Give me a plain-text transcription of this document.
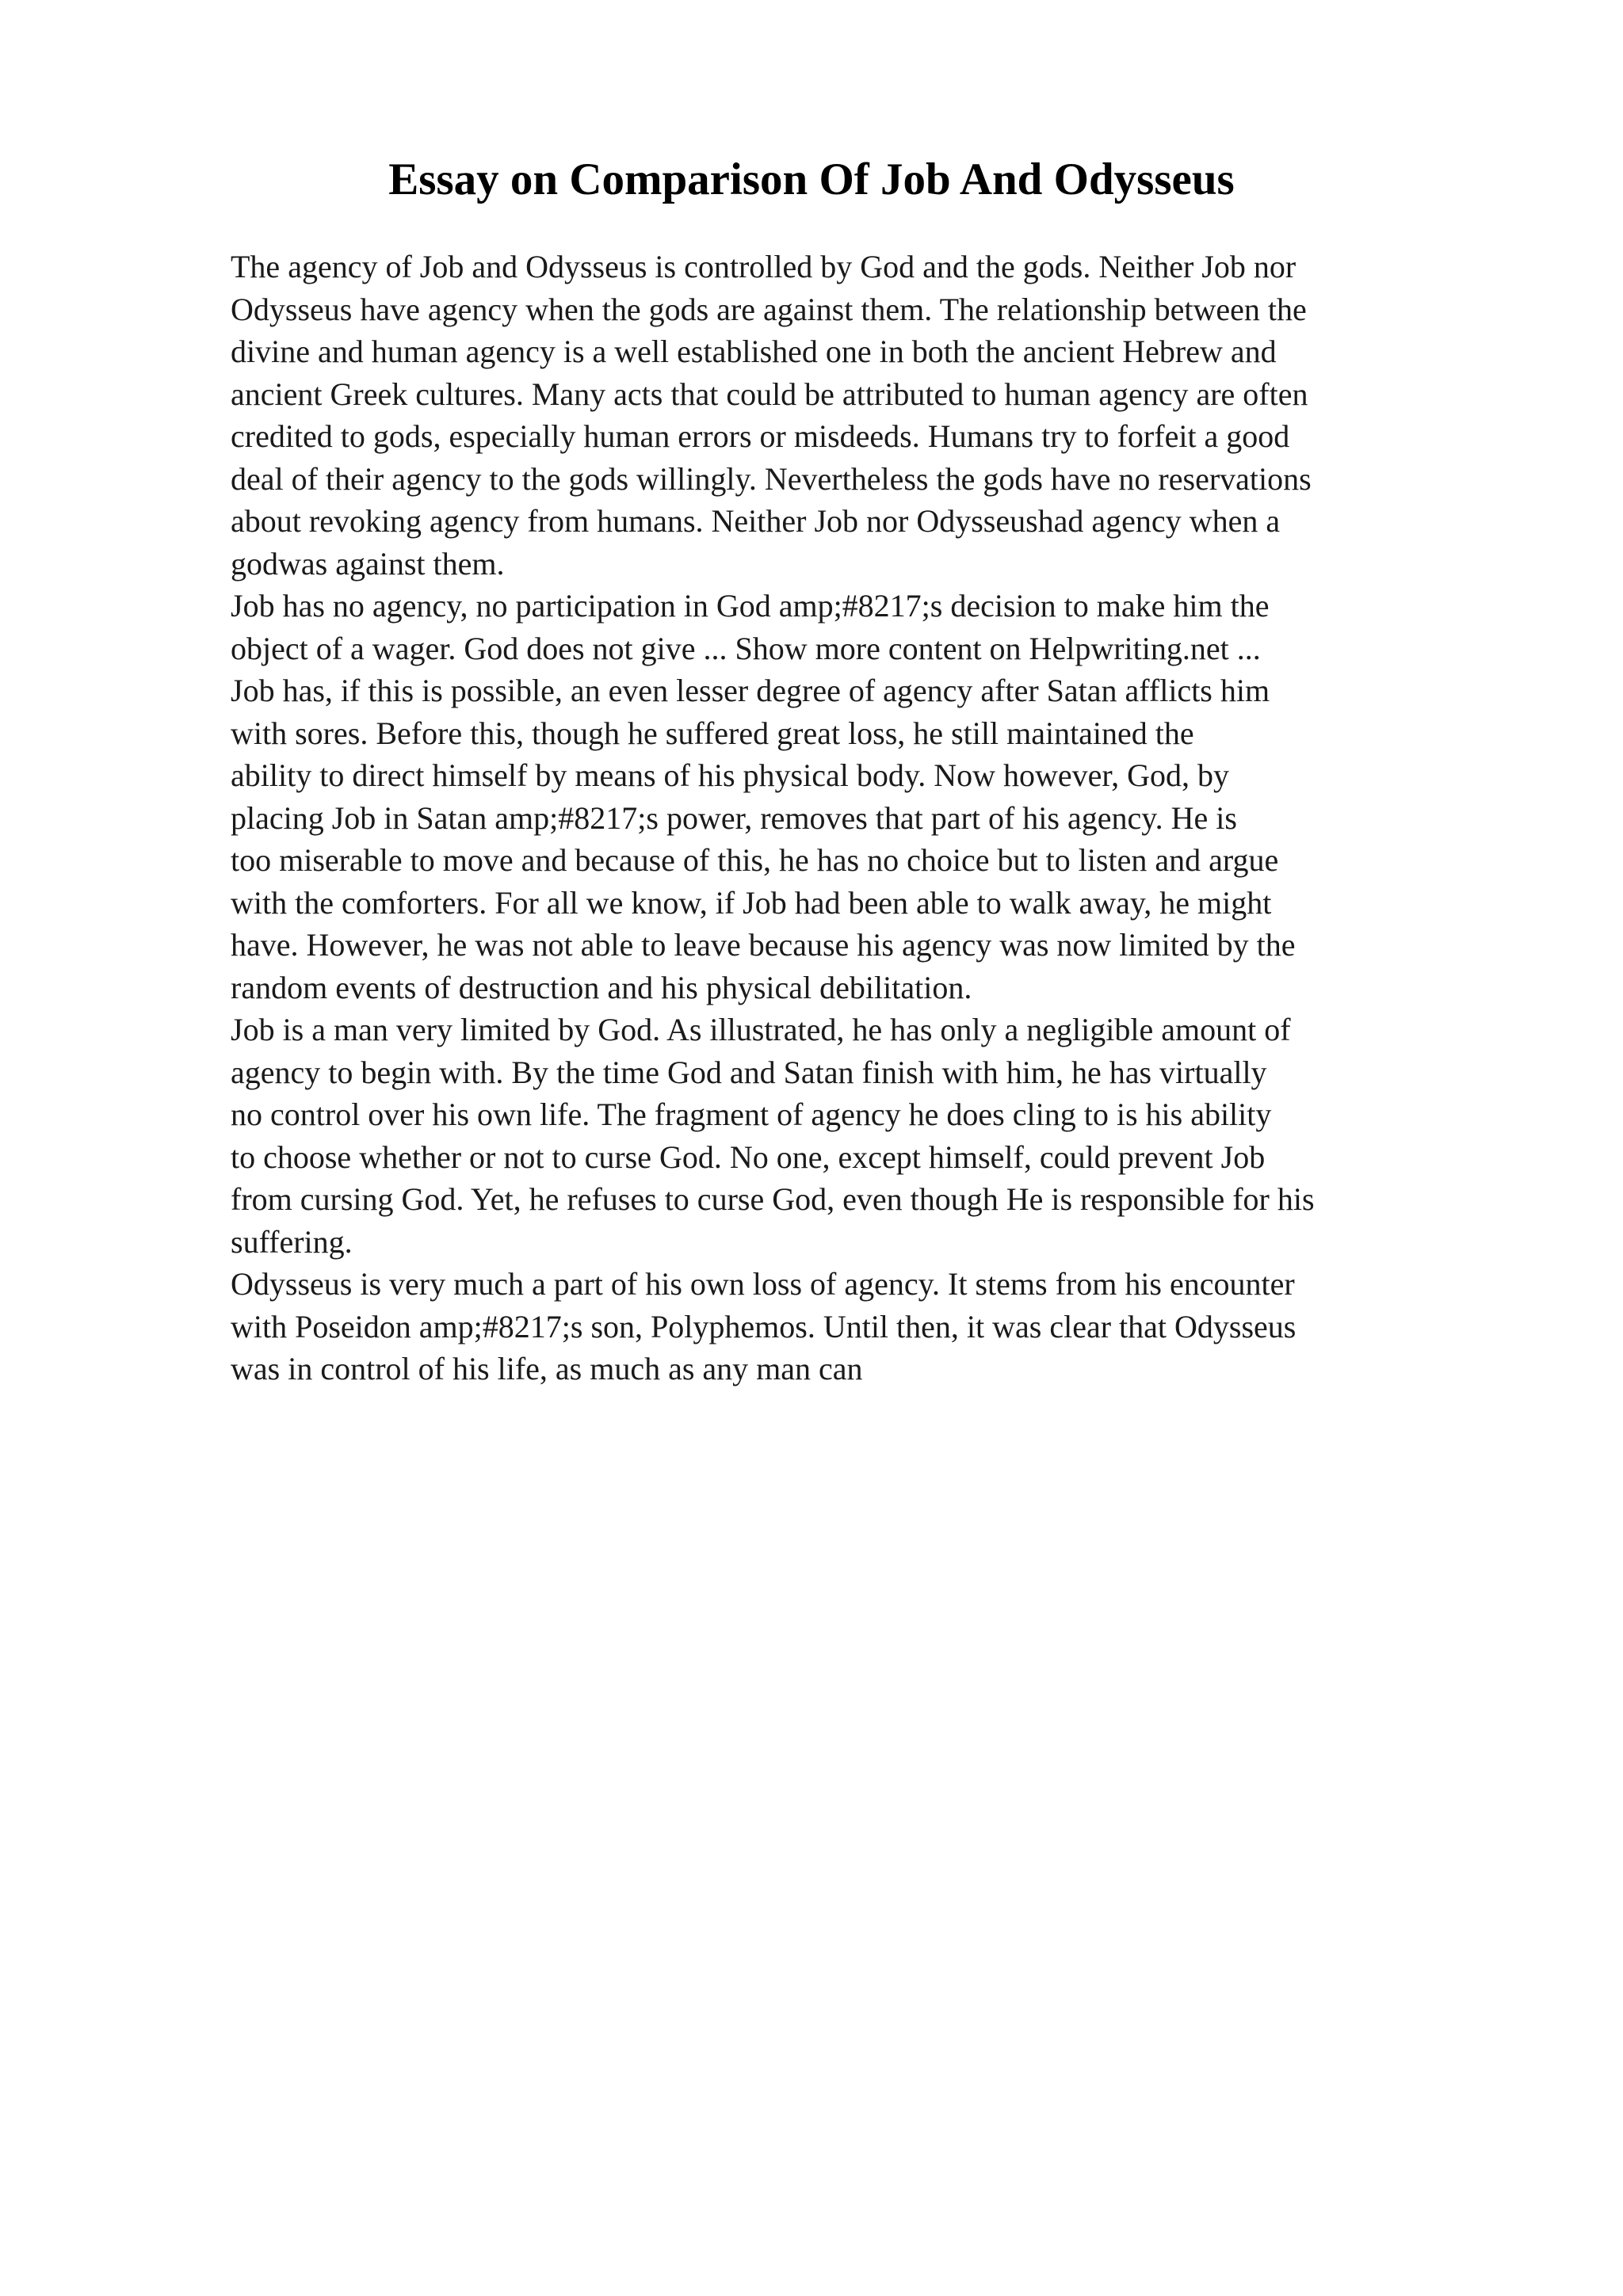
Essay on Comparison Of Job And Odysseus
The agency of Job and Odysseus is controlled by God and the gods. Neither Job nor
Odysseus have agency when the gods are against them. The relationship between the
divine and human agency is a well established one in both the ancient Hebrew and
ancient Greek cultures. Many acts that could be attributed to human agency are often
credited to gods, especially human errors or misdeeds. Humans try to forfeit a good
deal of their agency to the gods willingly. Nevertheless the gods have no reservations
about revoking agency from humans. Neither Job nor Odysseushad agency when a
godwas against them.
Job has no agency, no participation in God amp;#8217;s decision to make him the
object of a wager. God does not give ... Show more content on Helpwriting.net ...
Job has, if this is possible, an even lesser degree of agency after Satan afflicts him
with sores. Before this, though he suffered great loss, he still maintained the
ability to direct himself by means of his physical body. Now however, God, by
placing Job in Satan amp;#8217;s power, removes that part of his agency. He is
too miserable to move and because of this, he has no choice but to listen and argue
with the comforters. For all we know, if Job had been able to walk away, he might
have. However, he was not able to leave because his agency was now limited by the
random events of destruction and his physical debilitation.
Job is a man very limited by God. As illustrated, he has only a negligible amount of
agency to begin with. By the time God and Satan finish with him, he has virtually
no control over his own life. The fragment of agency he does cling to is his ability
to choose whether or not to curse God. No one, except himself, could prevent Job
from cursing God. Yet, he refuses to curse God, even though He is responsible for his
suffering.
Odysseus is very much a part of his own loss of agency. It stems from his encounter
with Poseidon amp;#8217;s son, Polyphemos. Until then, it was clear that Odysseus
was in control of his life, as much as any man can
